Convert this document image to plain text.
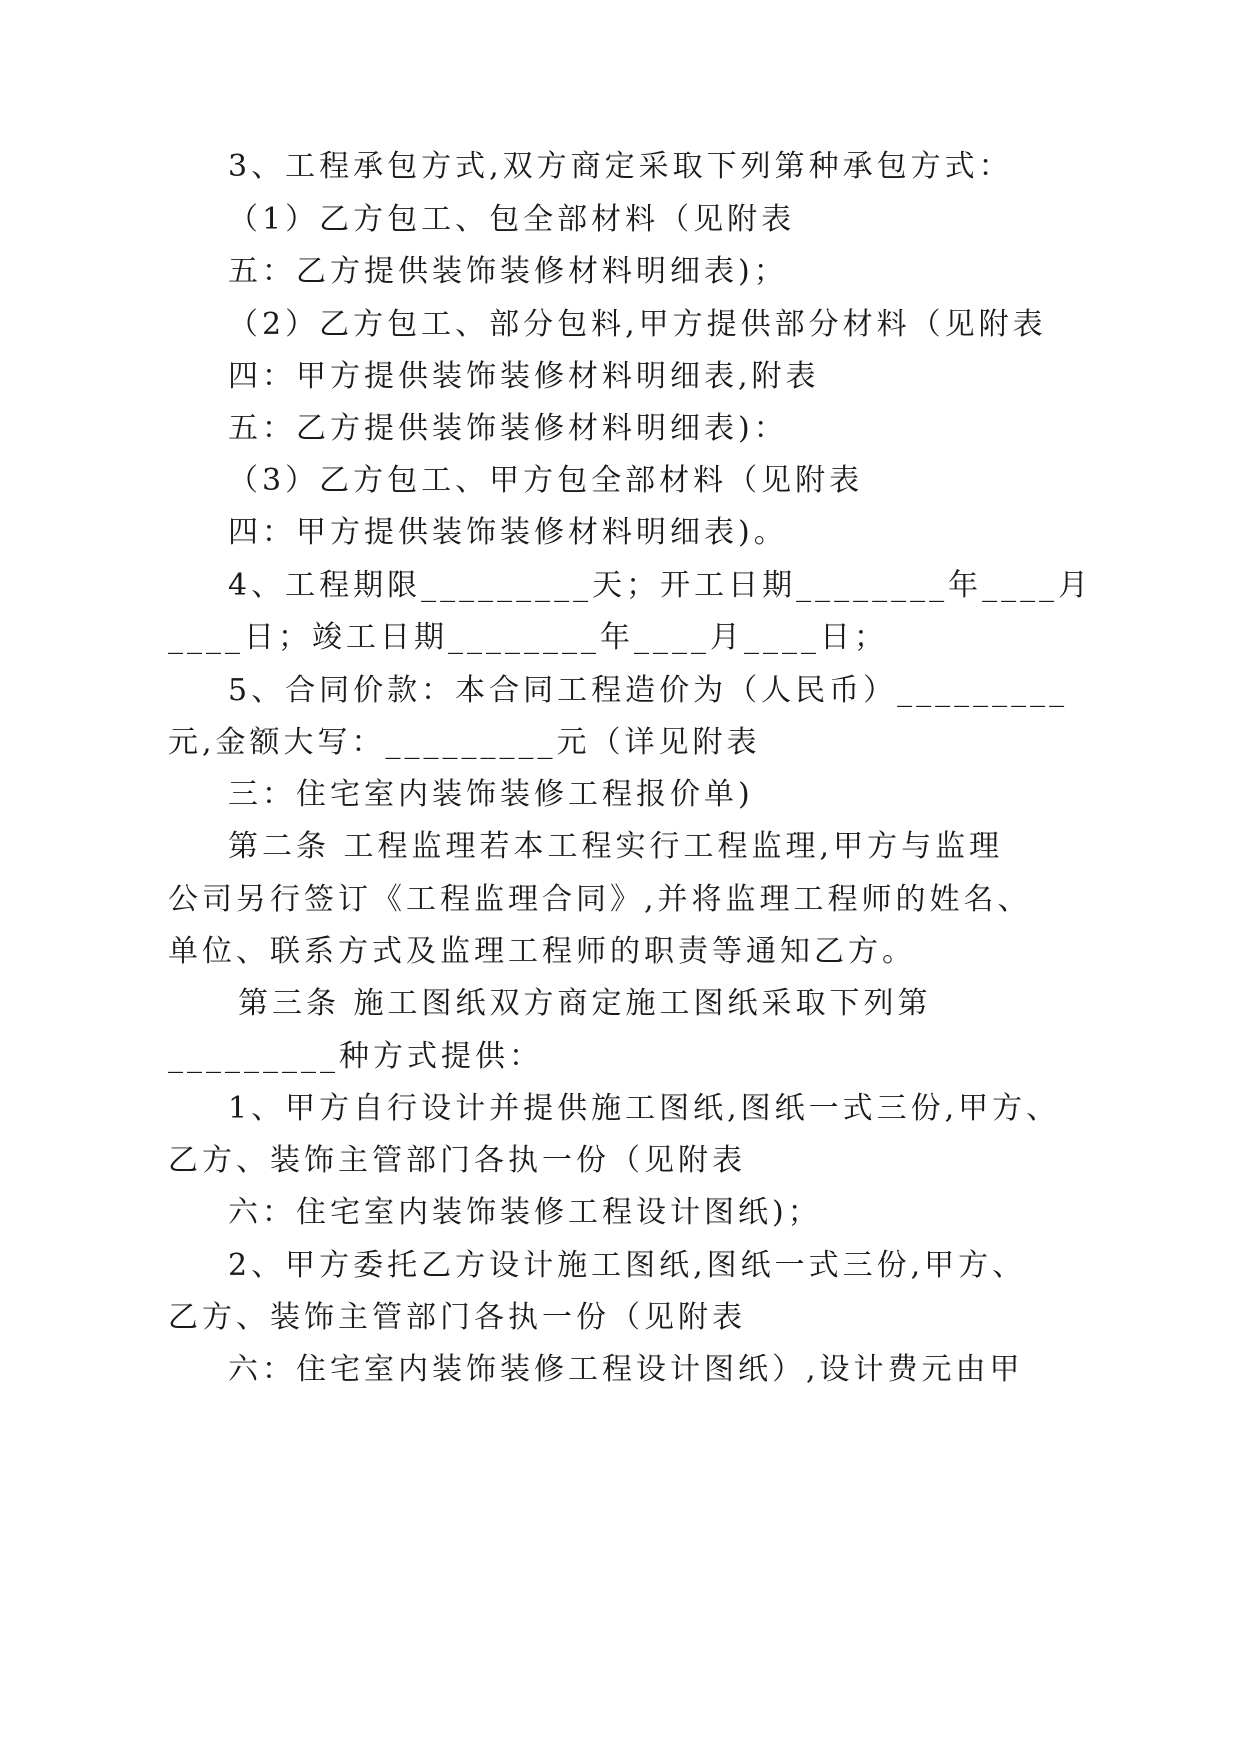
3、工程承包方式,双方商定采取下列第种承包方式：
（1）乙方包工、包全部材料（见附表
五：乙方提供装饰装修材料明细表)；
（2）乙方包工、部分包料,甲方提供部分材料（见附表
四：甲方提供装饰装修材料明细表,附表
五：乙方提供装饰装修材料明细表)：
（3）乙方包工、甲方包全部材料（见附表
四：甲方提供装饰装修材料明细表)。
4、工程期限_________天；开工日期________年____月
____日；竣工日期________年____月____日；
5、合同价款：本合同工程造价为（人民币）_________
元,金额大写：_________元（详见附表
三：住宅室内装饰装修工程报价单)
第二条 工程监理若本工程实行工程监理,甲方与监理
公司另行签订《工程监理合同》,并将监理工程师的姓名、
单位、联系方式及监理工程师的职责等通知乙方。
第三条 施工图纸双方商定施工图纸采取下列第
_________种方式提供：
1、甲方自行设计并提供施工图纸,图纸一式三份,甲方、
乙方、装饰主管部门各执一份（见附表
六：住宅室内装饰装修工程设计图纸)；
2、甲方委托乙方设计施工图纸,图纸一式三份,甲方、
乙方、装饰主管部门各执一份（见附表
六：住宅室内装饰装修工程设计图纸）,设计费元由甲
